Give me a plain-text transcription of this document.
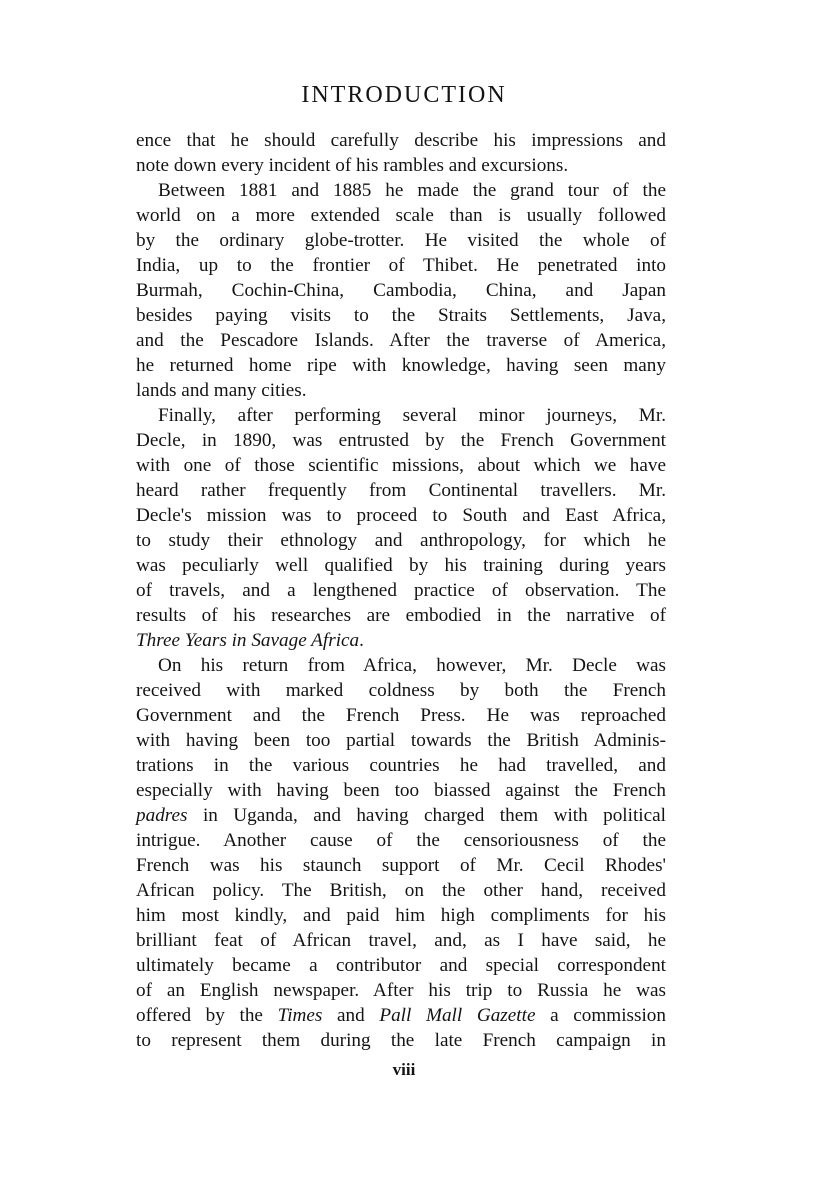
INTRODUCTION
ence that he should carefully describe his impressions and
note down every incident of his rambles and excursions.
Between 1881 and 1885 he made the grand tour of the
world on a more extended scale than is usually followed
by the ordinary globe-trotter. He visited the whole of
India, up to the frontier of Thibet. He penetrated into
Burmah, Cochin-China, Cambodia, China, and Japan
besides paying visits to the Straits Settlements, Java,
and the Pescadore Islands. After the traverse of America,
he returned home ripe with knowledge, having seen many
lands and many cities.
Finally, after performing several minor journeys, Mr.
Decle, in 1890, was entrusted by the French Government
with one of those scientific missions, about which we have
heard rather frequently from Continental travellers. Mr.
Decle's mission was to proceed to South and East Africa,
to study their ethnology and anthropology, for which he
was peculiarly well qualified by his training during years
of travels, and a lengthened practice of observation. The
results of his researches are embodied in the narrative of
Three Years in Savage Africa.
On his return from Africa, however, Mr. Decle was
received with marked coldness by both the French
Government and the French Press. He was reproached
with having been too partial towards the British Adminis-
trations in the various countries he had travelled, and
especially with having been too biassed against the French
padres in Uganda, and having charged them with political
intrigue. Another cause of the censoriousness of the
French was his staunch support of Mr. Cecil Rhodes'
African policy. The British, on the other hand, received
him most kindly, and paid him high compliments for his
brilliant feat of African travel, and, as I have said, he
ultimately became a contributor and special correspondent
of an English newspaper. After his trip to Russia he was
offered by the Times and Pall Mall Gazette a commission
to represent them during the late French campaign in
viii
